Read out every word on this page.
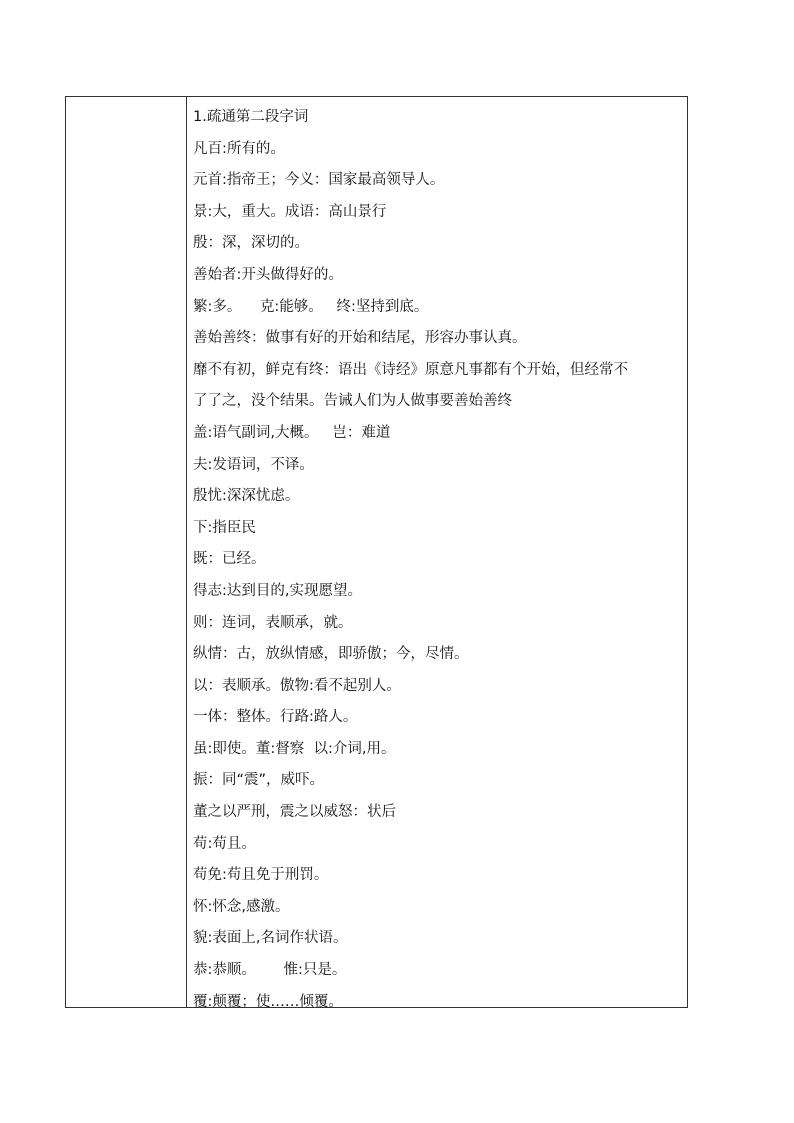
1.疏通第二段字词
凡百:所有的。
元首:指帝王；今义：国家最高领导人。
景:大，重大。成语：高山景行
殷：深，深切的。
善始者:开头做得好的。
繁:多。    克:能够。   终:坚持到底。
善始善终：做事有好的开始和结尾，形容办事认真。
靡不有初，鲜克有终：语出《诗经》原意凡事都有个开始，但经常不
了了之，没个结果。告诫人们为人做事要善始善终
盖:语气副词,大概。   岂：难道
夫:发语词，不译。
殷忧:深深忧虑。
下:指臣民
既：已经。
得志:达到目的,实现愿望。
则：连词，表顺承，就。
纵情：古，放纵情感，即骄傲；今，尽情。
以：表顺承。傲物:看不起别人。
一体：整体。行路:路人。
虽:即使。董:督察  以:介词,用。
振：同“震”，威吓。
董之以严刑，震之以威怒：状后
苟:苟且。
苟免:苟且免于刑罚。
怀:怀念,感激。
貌:表面上,名词作状语。
恭:恭顺。      惟:只是。
覆:颠覆；使……倾覆。
